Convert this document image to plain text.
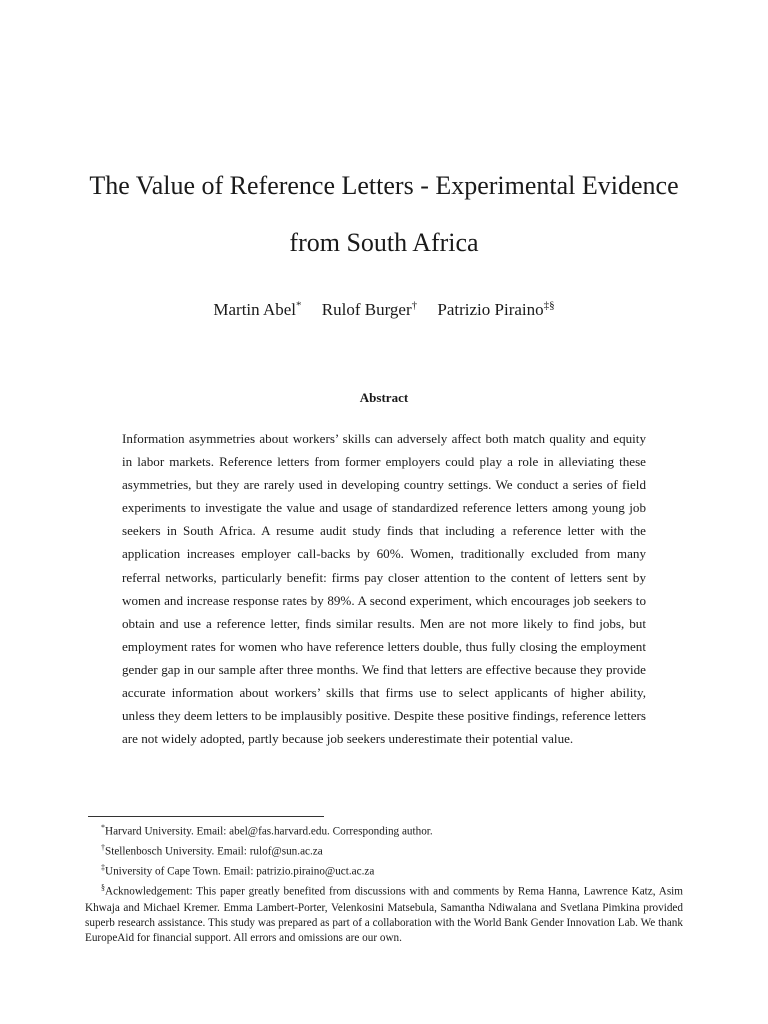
The Value of Reference Letters - Experimental Evidence
from South Africa
Martin Abel* Rulof Burger† Patrizio Piraino‡§
Abstract

Information asymmetries about workers’ skills can adversely affect both match quality and equity in labor markets. Reference letters from former employers could play a role in alleviating these asymmetries, but they are rarely used in developing country settings. We conduct a series of field experiments to investigate the value and usage of standardized reference letters among young job seekers in South Africa. A resume audit study finds that including a reference letter with the application increases employer call-backs by 60%. Women, traditionally excluded from many referral networks, particularly benefit: firms pay closer attention to the content of letters sent by women and increase response rates by 89%. A second experiment, which encourages job seekers to obtain and use a reference letter, finds similar results. Men are not more likely to find jobs, but employment rates for women who have reference letters double, thus fully closing the employment gender gap in our sample after three months. We find that letters are effective because they provide accurate information about workers’ skills that firms use to select applicants of higher ability, unless they deem letters to be implausibly positive. Despite these positive findings, reference letters are not widely adopted, partly because job seekers underestimate their potential value.

*Harvard University. Email: abel@fas.harvard.edu. Corresponding author.
†Stellenbosch University. Email: rulof@sun.ac.za
‡University of Cape Town. Email: patrizio.piraino@uct.ac.za
§Acknowledgement: This paper greatly benefited from discussions with and comments by Rema Hanna, Lawrence Katz, Asim Khwaja and Michael Kremer. Emma Lambert-Porter, Velenkosini Matsebula, Samantha Ndiwalana and Svetlana Pimkina provided superb research assistance. This study was prepared as part of a collaboration with the World Bank Gender Innovation Lab. We thank EuropeAid for financial support. All errors and omissions are our own.
